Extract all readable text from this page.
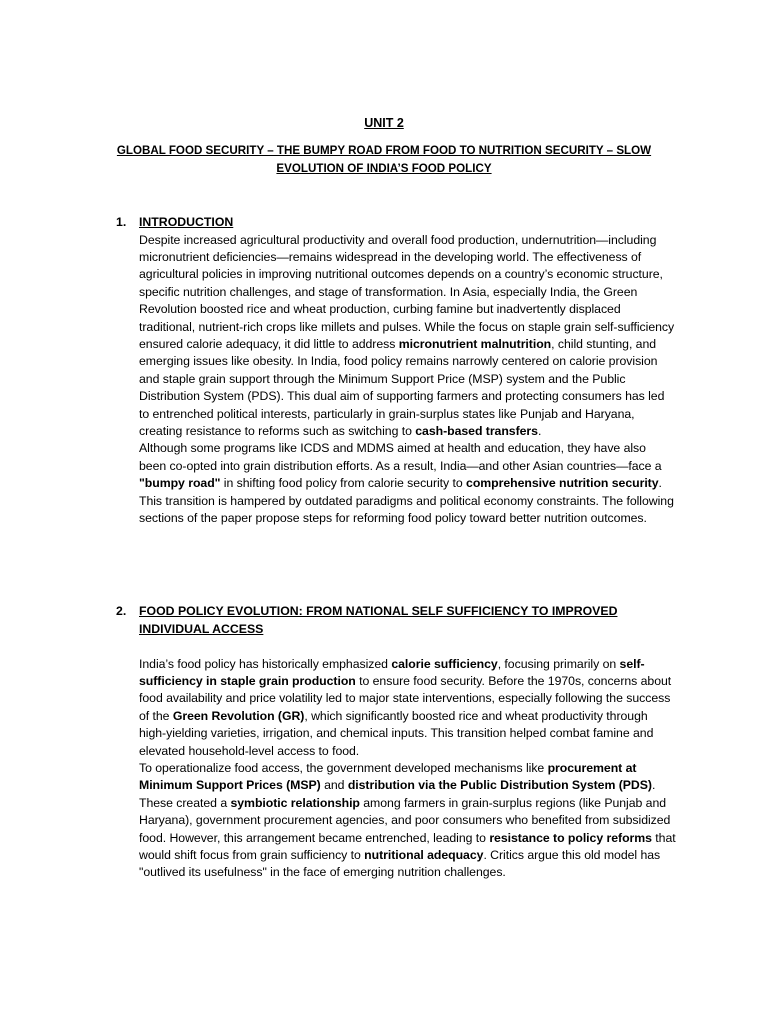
UNIT 2
GLOBAL FOOD SECURITY – THE BUMPY ROAD FROM FOOD TO NUTRITION SECURITY – SLOW EVOLUTION OF INDIA’S FOOD POLICY
1.	INTRODUCTION
Despite increased agricultural productivity and overall food production, undernutrition—including micronutrient deficiencies—remains widespread in the developing world. The effectiveness of agricultural policies in improving nutritional outcomes depends on a country’s economic structure, specific nutrition challenges, and stage of transformation. In Asia, especially India, the Green Revolution boosted rice and wheat production, curbing famine but inadvertently displaced traditional, nutrient-rich crops like millets and pulses. While the focus on staple grain self-sufficiency ensured calorie adequacy, it did little to address micronutrient malnutrition, child stunting, and emerging issues like obesity. In India, food policy remains narrowly centered on calorie provision and staple grain support through the Minimum Support Price (MSP) system and the Public Distribution System (PDS). This dual aim of supporting farmers and protecting consumers has led to entrenched political interests, particularly in grain-surplus states like Punjab and Haryana, creating resistance to reforms such as switching to cash-based transfers.
Although some programs like ICDS and MDMS aimed at health and education, they have also been co-opted into grain distribution efforts. As a result, India—and other Asian countries—face a "bumpy road" in shifting food policy from calorie security to comprehensive nutrition security. This transition is hampered by outdated paradigms and political economy constraints. The following sections of the paper propose steps for reforming food policy toward better nutrition outcomes.
2.	FOOD POLICY EVOLUTION: FROM NATIONAL SELF SUFFICIENCY TO IMPROVED INDIVIDUAL ACCESS
India’s food policy has historically emphasized calorie sufficiency, focusing primarily on self-sufficiency in staple grain production to ensure food security. Before the 1970s, concerns about food availability and price volatility led to major state interventions, especially following the success of the Green Revolution (GR), which significantly boosted rice and wheat productivity through high-yielding varieties, irrigation, and chemical inputs. This transition helped combat famine and elevated household-level access to food.
To operationalize food access, the government developed mechanisms like procurement at Minimum Support Prices (MSP) and distribution via the Public Distribution System (PDS). These created a symbiotic relationship among farmers in grain-surplus regions (like Punjab and Haryana), government procurement agencies, and poor consumers who benefited from subsidized food. However, this arrangement became entrenched, leading to resistance to policy reforms that would shift focus from grain sufficiency to nutritional adequacy. Critics argue this old model has "outlived its usefulness" in the face of emerging nutrition challenges.
